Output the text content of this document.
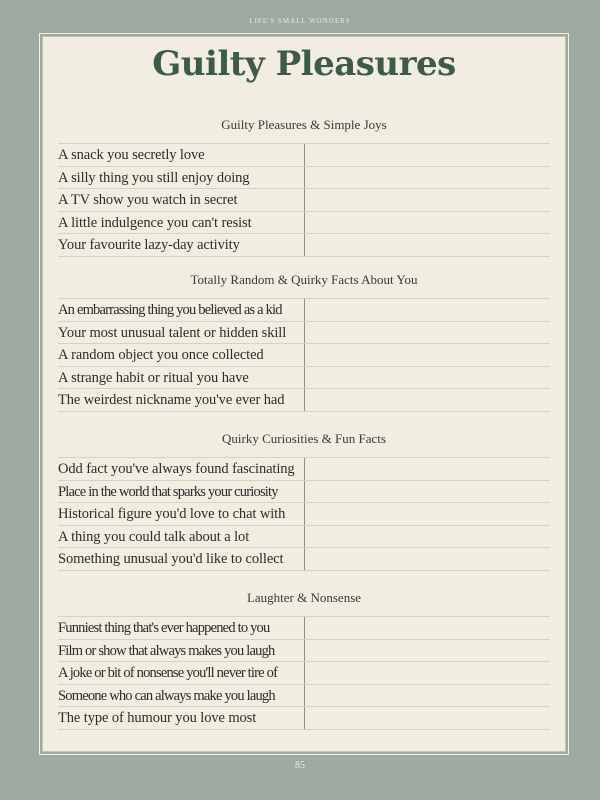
LIFE'S SMALL WONDERS
Guilty Pleasures
Guilty Pleasures & Simple Joys
A snack you secretly love
A silly thing you still enjoy doing
A TV show you watch in secret
A little indulgence you can't resist
Your favourite lazy-day activity
Totally Random & Quirky Facts About You
An embarrassing thing you believed as a kid
Your most unusual talent or hidden skill
A random object you once collected
A strange habit or ritual you have
The weirdest nickname you've ever had
Quirky Curiosities & Fun Facts
Odd fact you've always found fascinating
Place in the world that sparks your curiosity
Historical figure you'd love to chat with
A thing you could talk about a lot
Something unusual you'd like to collect
Laughter & Nonsense
Funniest thing that's ever happened to you
Film or show that always makes you laugh
A joke or bit of nonsense you'll never tire of
Someone who can always make you laugh
The type of humour you love most
85
